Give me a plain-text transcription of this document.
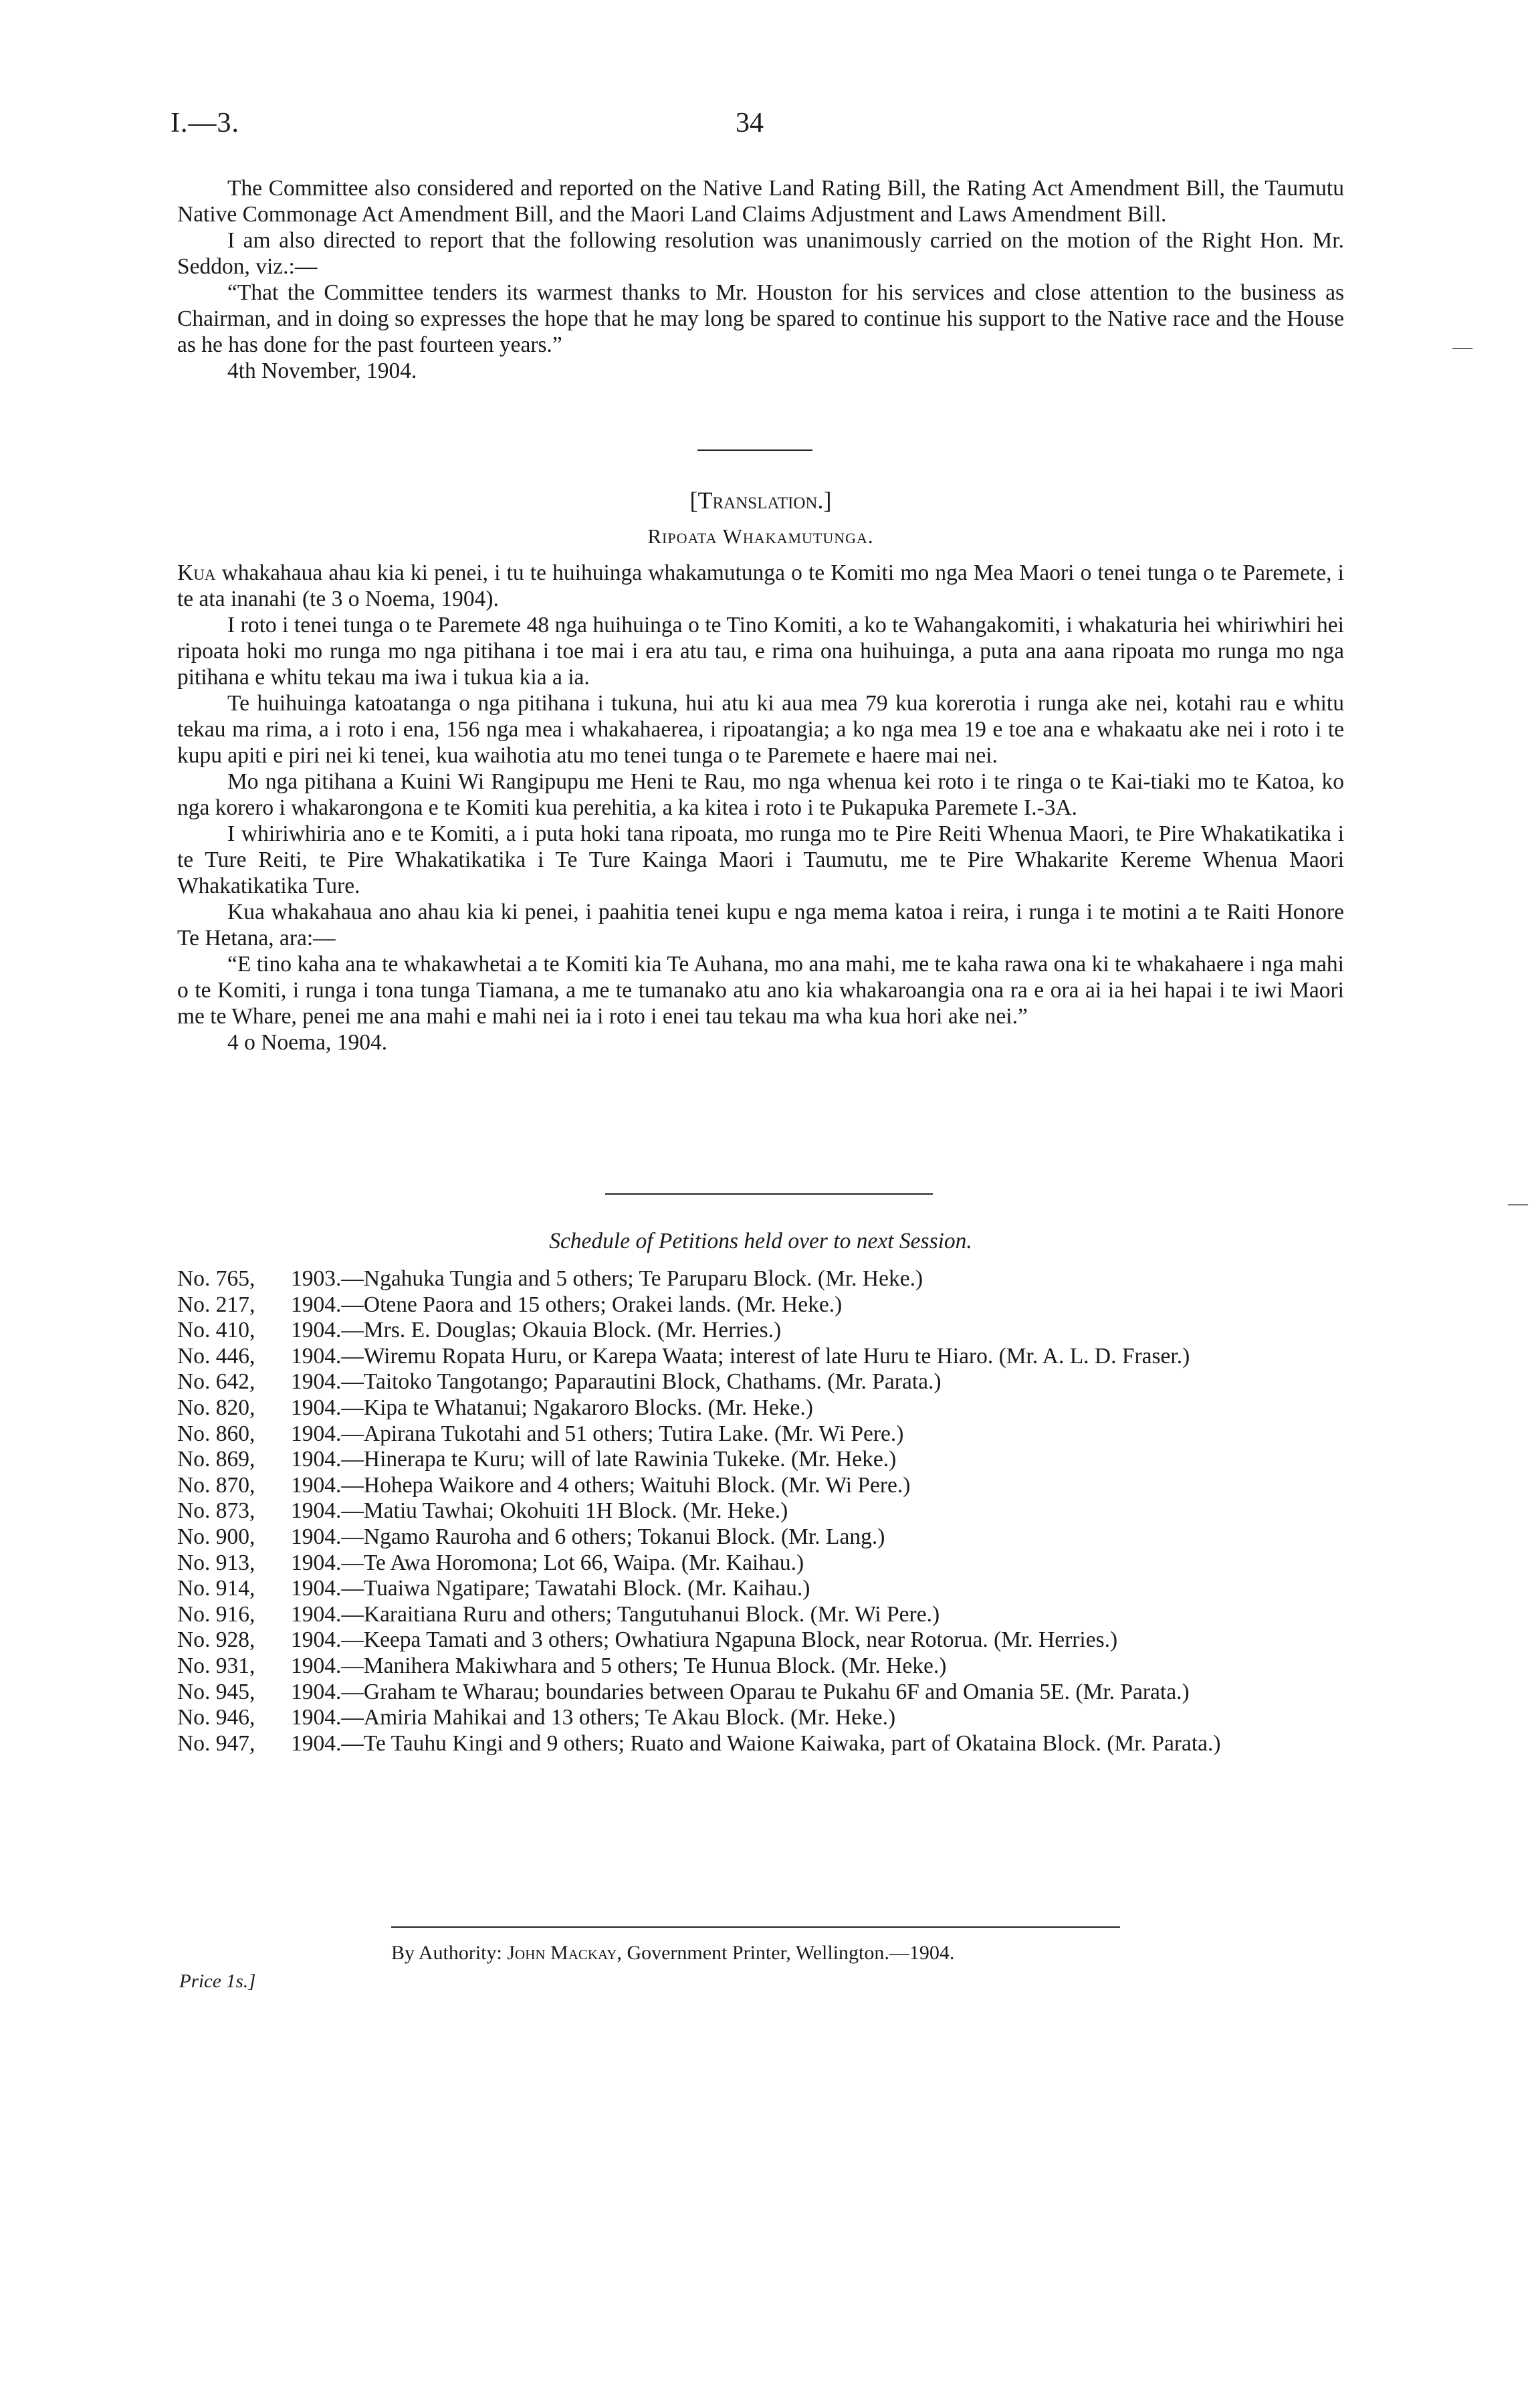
I.—3.	34

The Committee also considered and reported on the Native Land Rating Bill, the Rating Act Amendment Bill, the Taumutu Native Commonage Act Amendment Bill, and the Maori Land Claims Adjustment and Laws Amendment Bill.

I am also directed to report that the following resolution was unanimously carried on the motion of the Right Hon. Mr. Seddon, viz.:—

“That the Committee tenders its warmest thanks to Mr. Houston for his services and close attention to the business as Chairman, and in doing so expresses the hope that he may long be spared to continue his support to the Native race and the House as he has done for the past fourteen years.”

4th November, 1904.

[Translation.]
Ripoata Whakamutunga.

Kua whakahaua ahau kia ki penei, i tu te huihuinga whakamutunga o te Komiti mo nga Mea Maori o tenei tunga o te Paremete, i te ata inanahi (te 3 o Noema, 1904).

I roto i tenei tunga o te Paremete 48 nga huihuinga o te Tino Komiti, a ko te Wahangakomiti, i whakaturia hei whiriwhiri hei ripoata hoki mo runga mo nga pitihana i toe mai i era atu tau, e rima ona huihuinga, a puta ana aana ripoata mo runga mo nga pitihana e whitu tekau ma iwa i tukua kia a ia.

Te huihuinga katoatanga o nga pitihana i tukuna, hui atu ki aua mea 79 kua korerotia i runga ake nei, kotahi rau e whitu tekau ma rima, a i roto i ena, 156 nga mea i whakahaerea, i ripoatangia; a ko nga mea 19 e toe ana e whakaatu ake nei i roto i te kupu apiti e piri nei ki tenei, kua waihotia atu mo tenei tunga o te Paremete e haere mai nei.

Mo nga pitihana a Kuini Wi Rangipupu me Heni te Rau, mo nga whenua kei roto i te ringa o te Kai-tiaki mo te Katoa, ko nga korero i whakarongona e te Komiti kua perehitia, a ka kitea i roto i te Pukapuka Paremete I.-3A.

I whiriwhiria ano e te Komiti, a i puta hoki tana ripoata, mo runga mo te Pire Reiti Whenua Maori, te Pire Whakatikatika i te Ture Reiti, te Pire Whakatikatika i Te Ture Kainga Maori i Taumutu, me te Pire Whakarite Kereme Whenua Maori Whakatikatika Ture.

Kua whakahaua ano ahau kia ki penei, i paahitia tenei kupu e nga mema katoa i reira, i runga i te motini a te Raiti Honore Te Hetana, ara:—

“E tino kaha ana te whakawhetai a te Komiti kia Te Auhana, mo ana mahi, me te kaha rawa ona ki te whakahaere i nga mahi o te Komiti, i runga i tona tunga Tiamana, a me te tumanako atu ano kia whakaroangia ona ra e ora ai ia hei hapai i te iwi Maori me te Whare, penei me ana mahi e mahi nei ia i roto i enei tau tekau ma wha kua hori ake nei.”

4 o Noema, 1904.

Schedule of Petitions held over to next Session.
No. 765,	1903.—Ngahuka Tungia and 5 others; Te Paruparu Block. (Mr. Heke.)
No. 217,	1904.—Otene Paora and 15 others; Orakei lands. (Mr. Heke.)
No. 410,	1904.—Mrs. E. Douglas; Okauia Block. (Mr. Herries.)
No. 446,	1904.—Wiremu Ropata Huru, or Karepa Waata; interest of late Huru te Hiaro. (Mr. A. L. D. Fraser.)
No. 642,	1904.—Taitoko Tangotango; Paparautini Block, Chathams. (Mr. Parata.)
No. 820,	1904.—Kipa te Whatanui; Ngakaroro Blocks. (Mr. Heke.)
No. 860,	1904.—Apirana Tukotahi and 51 others; Tutira Lake. (Mr. Wi Pere.)
No. 869,	1904.—Hinerapa te Kuru; will of late Rawinia Tukeke. (Mr. Heke.)
No. 870,	1904.—Hohepa Waikore and 4 others; Waituhi Block. (Mr. Wi Pere.)
No. 873,	1904.—Matiu Tawhai; Okohuiti 1H Block. (Mr. Heke.)
No. 900,	1904.—Ngamo Rauroha and 6 others; Tokanui Block. (Mr. Lang.)
No. 913,	1904.—Te Awa Horomona; Lot 66, Waipa. (Mr. Kaihau.)
No. 914,	1904.—Tuaiwa Ngatipare; Tawatahi Block. (Mr. Kaihau.)
No. 916,	1904.—Karaitiana Ruru and others; Tangutuhanui Block. (Mr. Wi Pere.)
No. 928,	1904.—Keepa Tamati and 3 others; Owhatiura Ngapuna Block, near Rotorua. (Mr. Herries.)
No. 931,	1904.—Manihera Makiwhara and 5 others; Te Hunua Block. (Mr. Heke.)
No. 945,	1904.—Graham te Wharau; boundaries between Oparau te Pukahu 6F and Omania 5E. (Mr. Parata.)
No. 946,	1904.—Amiria Mahikai and 13 others; Te Akau Block. (Mr. Heke.)
No. 947,	1904.—Te Tauhu Kingi and 9 others; Ruato and Waione Kaiwaka, part of Okataina Block. (Mr. Parata.)
By Authority: John Mackay, Government Printer, Wellington.—1904.
Price 1s.]
—
—
